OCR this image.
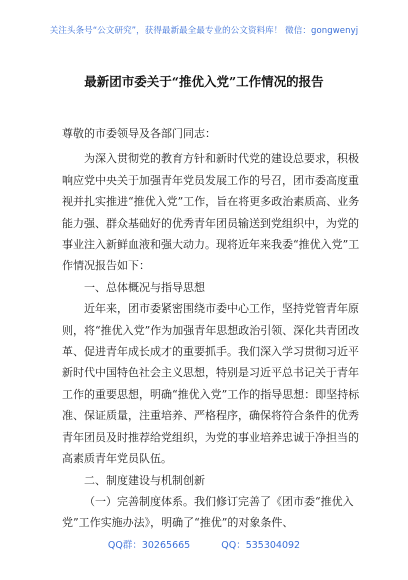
关注头条号“公文研究”，获得最新最全最专业的公文资料库！ 微信：gongwenyj
最新团市委关于“推优入党”工作情况的报告

尊敬的市委领导及各部门同志：

为深入贯彻党的教育方针和新时代党的建设总要求，积极响应党中央关于加强青年党员发展工作的号召，团市委高度重视并扎实推进“推优入党”工作，旨在将更多政治素质高、业务能力强、群众基础好的优秀青年团员输送到党组织中，为党的事业注入新鲜血液和强大动力。现将近年来我委“推优入党”工作情况报告如下：

一、总体概况与指导思想

近年来，团市委紧密围绕市委中心工作，坚持党管青年原则，将“推优入党”作为加强青年思想政治引领、深化共青团改革、促进青年成长成才的重要抓手。我们深入学习贯彻习近平新时代中国特色社会主义思想，特别是习近平总书记关于青年工作的重要思想，明确“推优入党”工作的指导思想：即坚持标准、保证质量，注重培养、严格程序，确保将符合条件的优秀青年团员及时推荐给党组织，为党的事业培养忠诚于净担当的高素质青年党员队伍。

二、制度建设与机制创新

（一）完善制度体系。我们修订完善了《团市委“推优入党”工作实施办法》，明确了“推优”的对象条件、

QQ群：30265665	QQ：535304092
